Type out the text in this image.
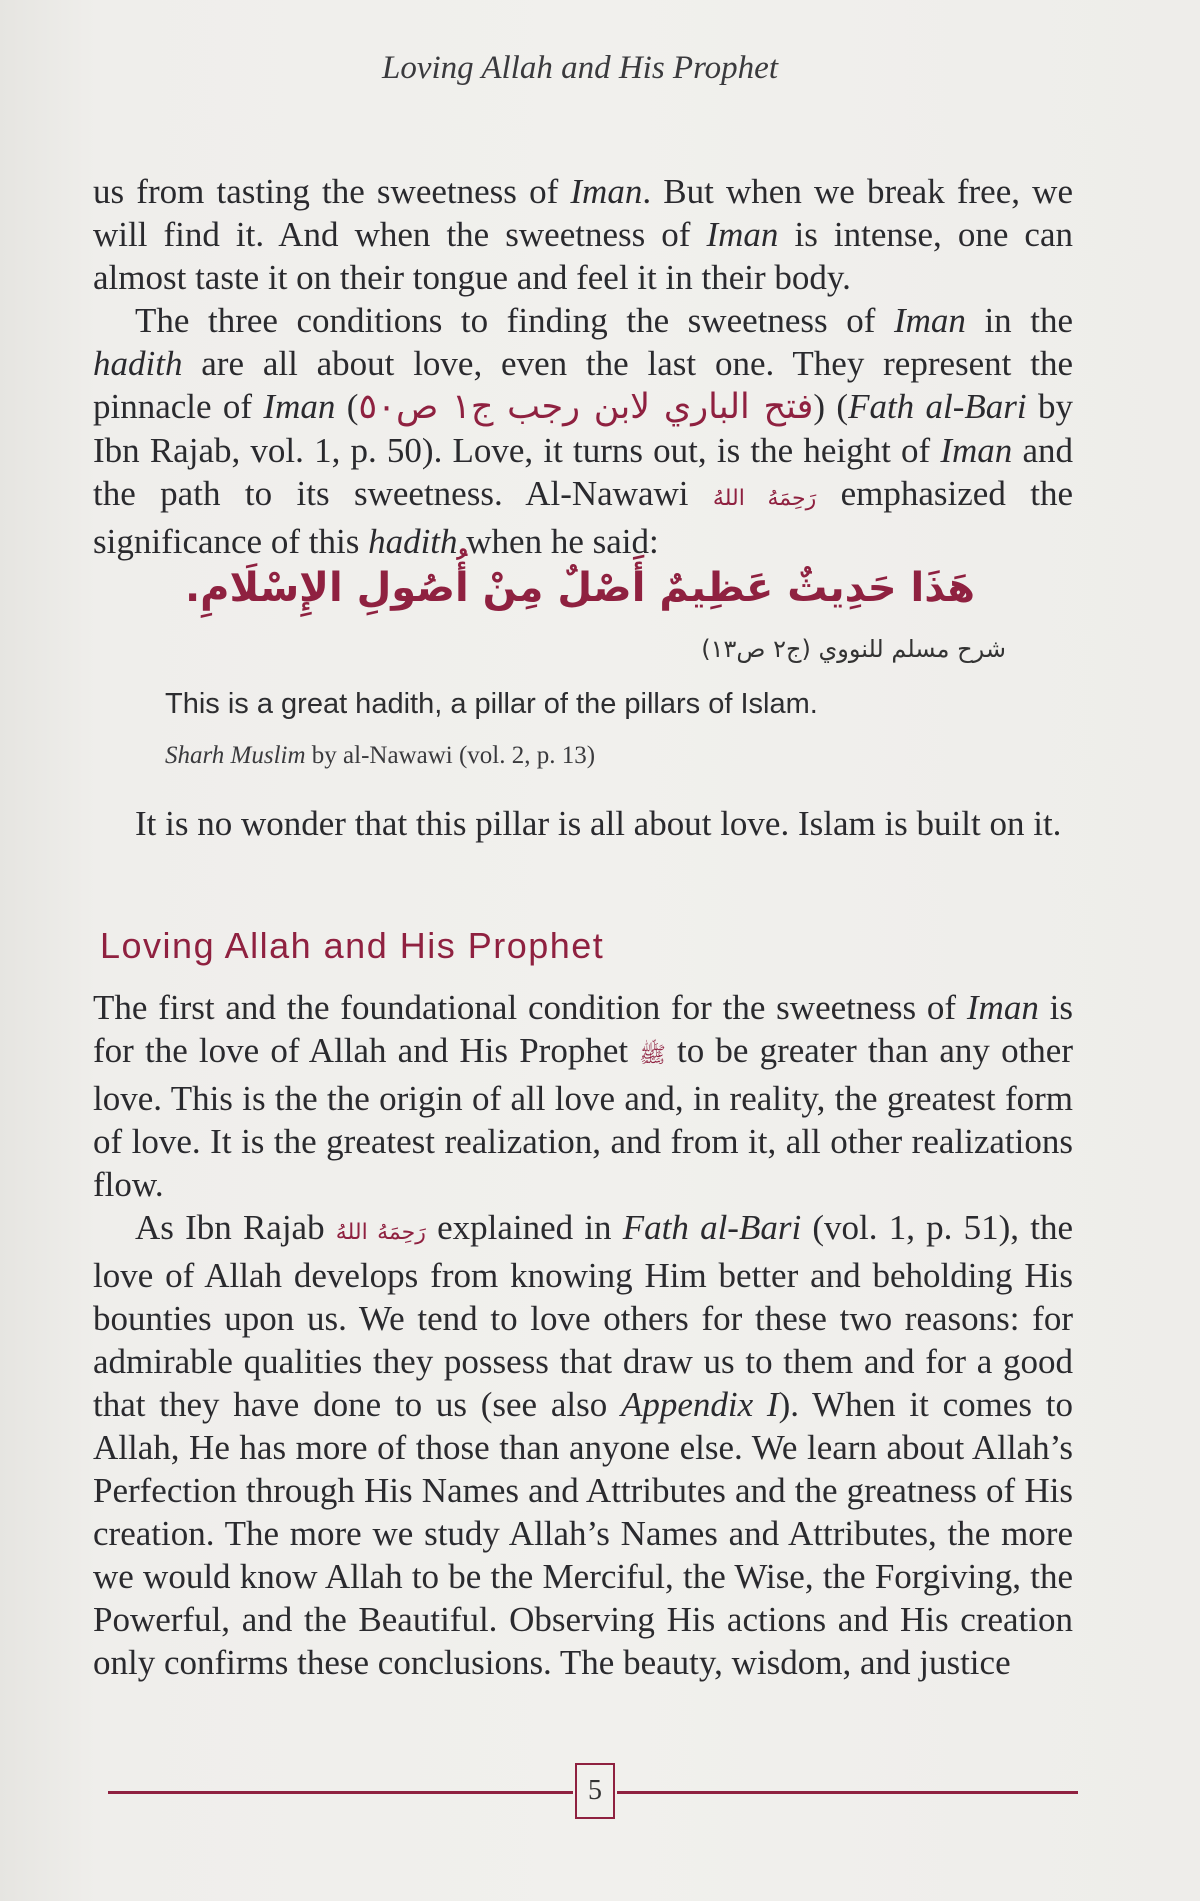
Loving Allah and His Prophet

us from tasting the sweetness of Iman. But when we break free, we will find it. And when the sweetness of Iman is intense, one can almost taste it on their tongue and feel it in their body.

The three conditions to finding the sweetness of Iman in the hadith are all about love, even the last one. They represent the pinnacle of Iman (فتح الباري لابن رجب ج١ ص٥٠) (Fath al-Bari by Ibn Rajab, vol. 1, p. 50). Love, it turns out, is the height of Iman and the path to its sweetness. Al-Nawawi رَحِمَهُ اللهُ emphasized the significance of this hadith when he said:

هَذَا حَدِيثٌ عَظِيمٌ أَصْلٌ مِنْ أُصُولِ الإِسْلَامِ.
شرح مسلم للنووي (ج٢ ص١٣)
This is a great hadith, a pillar of the pillars of Islam.
Sharh Muslim by al-Nawawi (vol. 2, p. 13)

It is no wonder that this pillar is all about love. Islam is built on it.

Loving Allah and His Prophet

The first and the foundational condition for the sweetness of Iman is for the love of Allah and His Prophet ﷺ to be greater than any other love. This is the the origin of all love and, in reality, the greatest form of love. It is the greatest realization, and from it, all other realizations flow.

As Ibn Rajab رَحِمَهُ اللهُ explained in Fath al-Bari (vol. 1, p. 51), the love of Allah develops from knowing Him better and beholding His bounties upon us. We tend to love others for these two reasons: for admirable qualities they possess that draw us to them and for a good that they have done to us (see also Appendix I). When it comes to Allah, He has more of those than anyone else. We learn about Allah’s Perfection through His Names and Attributes and the greatness of His creation. The more we study Allah’s Names and Attributes, the more we would know Allah to be the Merciful, the Wise, the Forgiving, the Powerful, and the Beautiful. Observing His actions and His creation only confirms these conclusions. The beauty, wisdom, and justice

5
